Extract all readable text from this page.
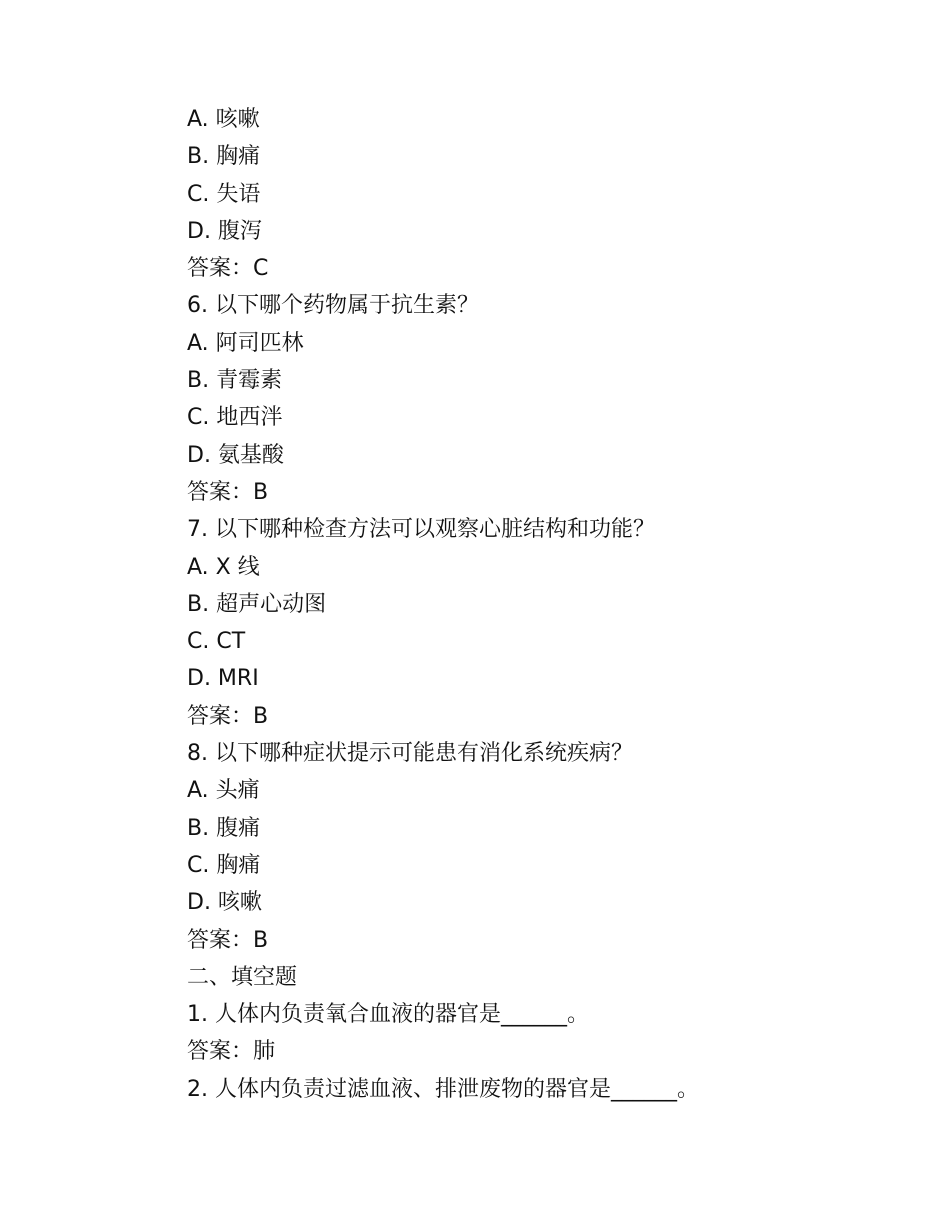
A. 咳嗽
B. 胸痛
C. 失语
D. 腹泻
答案：C
6. 以下哪个药物属于抗生素？
A. 阿司匹林
B. 青霉素
C. 地西泮
D. 氨基酸
答案：B
7. 以下哪种检查方法可以观察心脏结构和功能？
A. X 线
B. 超声心动图
C. CT
D. MRI
答案：B
8. 以下哪种症状提示可能患有消化系统疾病？
A. 头痛
B. 腹痛
C. 胸痛
D. 咳嗽
答案：B
二、填空题
1. 人体内负责氧合血液的器官是______。
答案：肺
2. 人体内负责过滤血液、排泄废物的器官是______。
